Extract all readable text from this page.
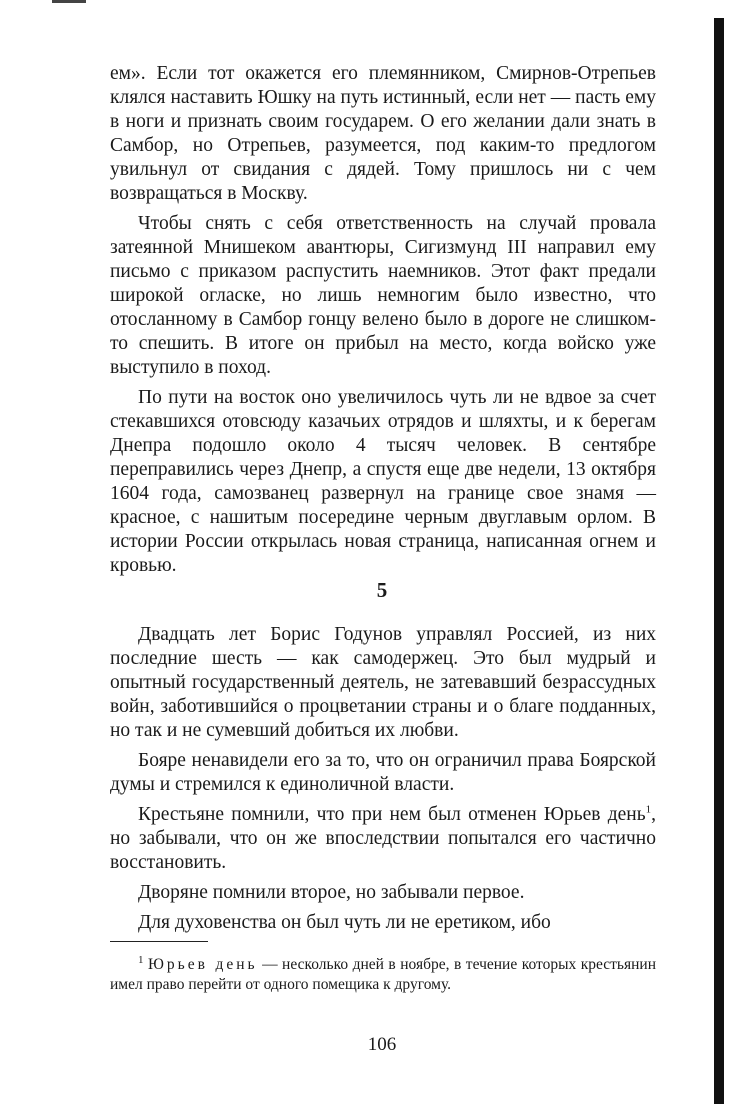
ем». Если тот окажется его племянником, Смирнов-Отрепьев клялся наставить Юшку на путь истинный, если нет — пасть ему в ноги и признать своим государем. О его желании дали знать в Самбор, но Отрепьев, разумеется, под каким-то предлогом увильнул от свидания с дядей. Тому пришлось ни с чем возвращаться в Москву.

Чтобы снять с себя ответственность на случай провала затеянной Мнишеком авантюры, Сигизмунд III направил ему письмо с приказом распустить наемников. Этот факт предали широкой огласке, но лишь немногим было известно, что отосланному в Самбор гонцу велено было в дороге не слишком-то спешить. В итоге он прибыл на место, когда войско уже выступило в поход.

По пути на восток оно увеличилось чуть ли не вдвое за счет стекавшихся отовсюду казачьих отрядов и шляхты, и к берегам Днепра подошло около 4 тысяч человек. В сентябре переправились через Днепр, а спустя еще две недели, 13 октября 1604 года, самозванец развернул на границе свое знамя — красное, с нашитым посередине черным двуглавым орлом. В истории России открылась новая страница, написанная огнем и кровью.

5

Двадцать лет Борис Годунов управлял Россией, из них последние шесть — как самодержец. Это был мудрый и опытный государственный деятель, не затевавший безрассудных войн, заботившийся о процветании страны и о благе подданных, но так и не сумевший добиться их любви.

Бояре ненавидели его за то, что он ограничил права Боярской думы и стремился к единоличной власти.

Крестьяне помнили, что при нем был отменен Юрьев день$^1$, но забывали, что он же впоследствии попытался его частично восстановить.

Дворяне помнили второе, но забывали первое.

Для духовенства он был чуть ли не еретиком, ибо

$^1$ Юрьев день — несколько дней в ноябре, в течение которых крестьянин имел право перейти от одного помещика к другому.

106
